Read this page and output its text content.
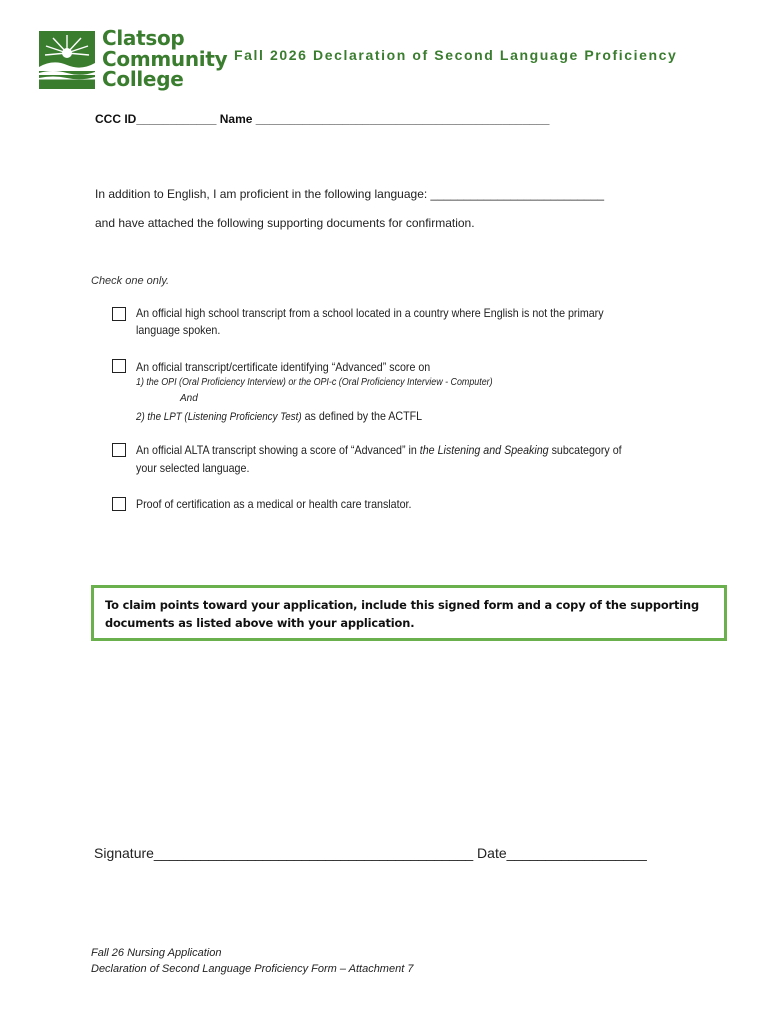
Clatsop
Community
College
Fall 2026 Declaration of Second Language Proficiency
CCC ID____________ Name ____________________________________________
In addition to English, I am proficient in the following language: __________________________
and have attached the following supporting documents for confirmation.
Check one only.
An official high school transcript from a school located in a country where English is not the primary
language spoken.
An official transcript/certificate identifying “Advanced” score on
1) the OPI (Oral Proficiency Interview) or the OPI-c (Oral Proficiency Interview - Computer)
And
2) the LPT (Listening Proficiency Test) as defined by the ACTFL
An official ALTA transcript showing a score of “Advanced” in the Listening and Speaking subcategory of
your selected language.
Proof of certification as a medical or health care translator.
To claim points toward your application, include this signed form and a copy of the supporting documents as listed above with your application.
Signature_________________________________________ Date__________________
Fall 26 Nursing Application
Declaration of Second Language Proficiency Form – Attachment 7
